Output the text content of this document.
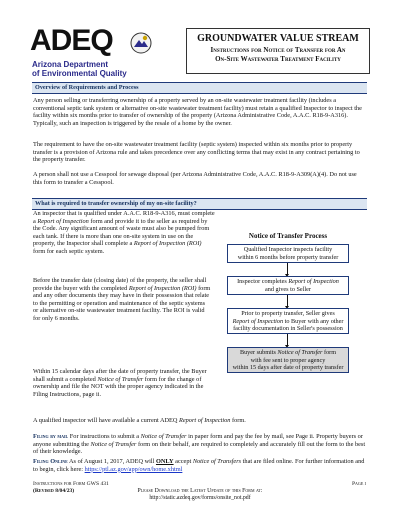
ADEQ
Arizona Department
of Environmental Quality
GROUNDWATER VALUE STREAM
Instructions for Notice of Transfer for An
On-Site Wastewater Treatment Facility
Overview of Requirements and Process
Any person selling or transferring ownership of a property served by an on-site wastewater treatment facility (includes a conventional septic tank system or alternative on-site wastewater treatment facility) must retain a qualified Inspector to inspect the facility within six months prior to transfer of ownership of the property (Arizona Administrative Code, A.A.C. R18-9-A316). Typically, such an inspection is triggered by the resale of a home by the owner.
The requirement to have the on-site wastewater treatment facility (septic system) inspected within six months prior to property transfer is a provision of Arizona rule and takes precedence over any conflicting terms that may exist in any contract pertaining to the property transfer.
A person shall not use a Cesspool for sewage disposal (per Arizona Administrative Code, A.A.C. R18-9-A309(A)(4). Do not use this form to transfer a Cesspool.
What is required to transfer ownership of my on-site facility?
An inspector that is qualified under A.A.C. R18-9-A316, must complete a Report of Inspection form and provide it to the seller as required by the Code. Any significant amount of waste must also be pumped from each tank. If there is more than one on-site system in use on the property, the Inspector shall complete a Report of Inspection (ROI) form for each septic system.
Before the transfer date (closing date) of the property, the seller shall provide the buyer with the completed Report of Inspection (ROI) form and any other documents they may have in their possession that relate to the permitting or operation and maintenance of the septic systems or alternative on-site wastewater treatment facility. The ROI is valid for only 6 months.
Within 15 calendar days after the date of property transfer, the Buyer shall submit a completed Notice of Transfer form for the change of ownership and file the NOT with the proper agency indicated in the Filing Instructions, page ii.
A qualified inspector will have available a current ADEQ Report of Inspection form.
Notice of Transfer Process
Qualified Inspector inspects facility
within 6 months before property transfer
Inspector completes Report of Inspection
and gives to Seller
Prior to property transfer, Seller gives
Report of Inspection to Buyer with any other
facility documentation in Seller's possession
Buyer submits Notice of Transfer form
with fee sent to proper agency
within 15 days after date of property transfer
Filing by mail For instructions to submit a Notice of Transfer in paper form and pay the fee by mail, see Page ii. Property buyers or anyone submitting the Notice of Transfer form on their behalf, are required to completely and accurately fill out the form to the best of their knowledge.
Filing Online As of August 1, 2017, ADEQ will ONLY accept Notice of Transfers that are filed online. For further information and to begin, click here: https://ptl.az.gov/app/own/home.xhtml
Instructions for Form GWS 431
(Revised 8/04/23)
Page i
Please Download the Latest Update of this Form at:
http://static.azdeq.gov/forms/onsite_not.pdf
